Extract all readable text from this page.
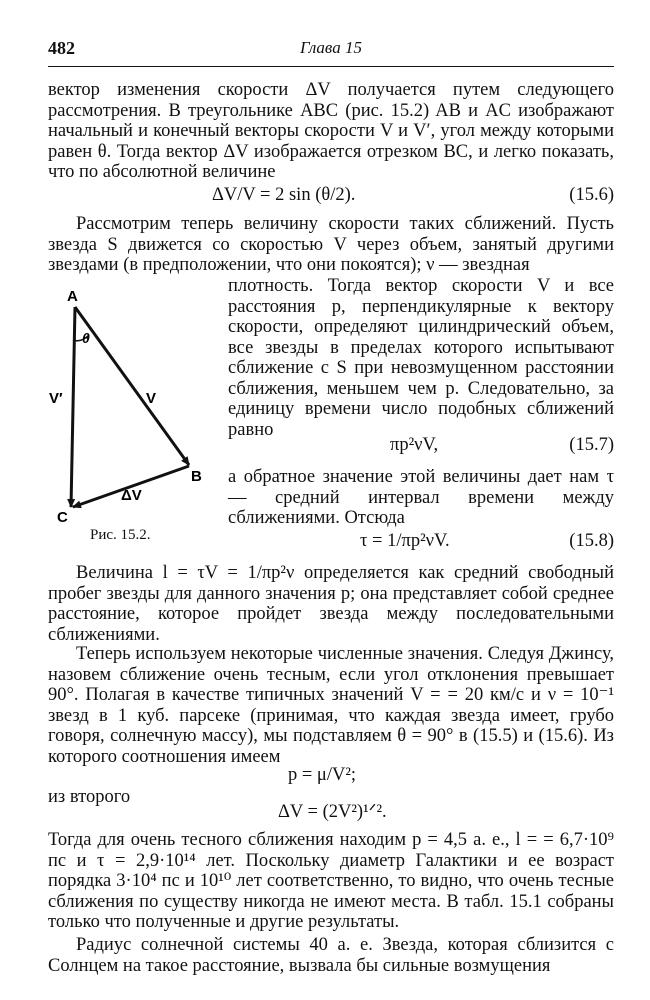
482	Глава 15

вектор изменения скорости ΔV получается путем следующего рассмотрения. В треугольнике ABC (рис. 15.2) AB и AC изображают начальный и конечный векторы скорости V и V′, угол между которыми равен θ. Тогда вектор ΔV изображается отрезком BC, и легко показать, что по абсолютной величине

ΔV/V = 2 sin (θ/2).	(15.6)

Рассмотрим теперь величину скорости таких сближений. Пусть звезда S движется со скоростью V через объем, занятый другими звездами (в предположении, что они покоятся); ν — звездная

плотность. Тогда вектор скорости V и все расстояния p, перпендикулярные к вектору скорости, определяют цилиндрический объем, все звезды в пределах которого испытывают сближение с S при невозмущенном расстоянии сближения, меньшем чем p. Следовательно, за единицу времени число подобных сближений равно

πp²νV,	(15.7)

а обратное значение этой величины дает нам τ — средний интервал времени между сближениями. Отсюда

τ = 1/πp²νV.	(15.8)
A
B
C
θ
V
V′
ΔV
Рис. 15.2.

Величина l = τV = 1/πp²ν определяется как средний свободный пробег звезды для данного значения p; она представляет собой среднее расстояние, которое пройдет звезда между последовательными сближениями.

Теперь используем некоторые численные значения. Следуя Джинсу, назовем сближение очень тесным, если угол отклонения превышает 90°. Полагая в качестве типичных значений V = = 20 км/с и ν = 10⁻¹ звезд в 1 куб. парсеке (принимая, что каждая звезда имеет, грубо говоря, солнечную массу), мы подставляем θ = 90° в (15.5) и (15.6). Из которого соотношения имеем

p = μ/V²;
из второго
ΔV = (2V²)¹ᐟ².

Тогда для очень тесного сближения находим p = 4,5 а. е., l = = 6,7·10⁹ пс и τ = 2,9·10¹⁴ лет. Поскольку диаметр Галактики и ее возраст порядка 3·10⁴ пс и 10¹⁰ лет соответственно, то видно, что очень тесные сближения по существу никогда не имеют места. В табл. 15.1 собраны только что полученные и другие результаты.

Радиус солнечной системы 40 а. е. Звезда, которая сблизится с Солнцем на такое расстояние, вызвала бы сильные возмущения
